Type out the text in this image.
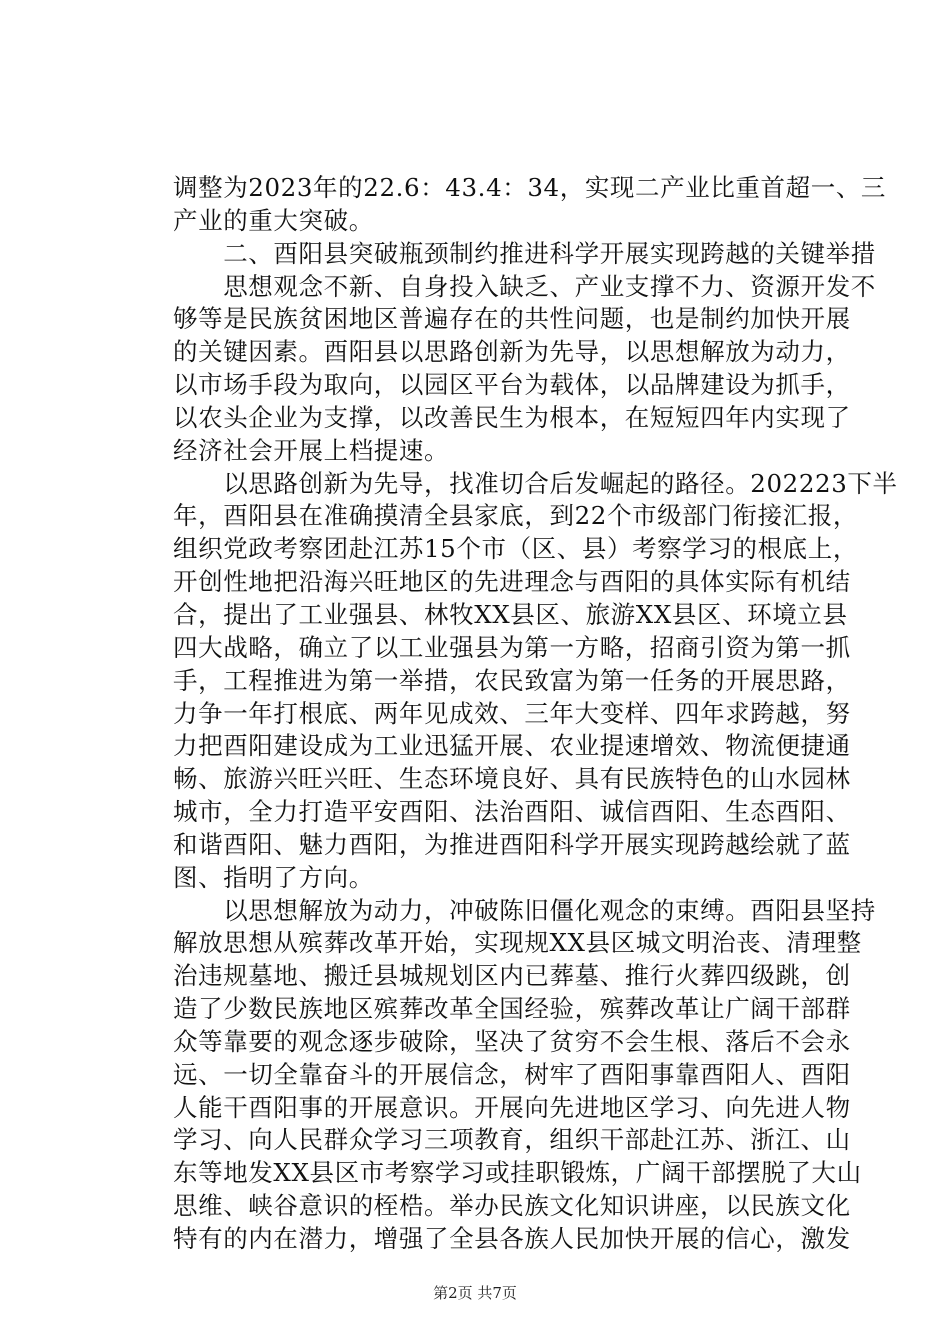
调整为2023年的22.6：43.4：34，实现二产业比重首超一、三
产业的重大突破。
　　二、酉阳县突破瓶颈制约推进科学开展实现跨越的关键举措
　　思想观念不新、自身投入缺乏、产业支撑不力、资源开发不
够等是民族贫困地区普遍存在的共性问题，也是制约加快开展
的关键因素。酉阳县以思路创新为先导，以思想解放为动力，
以市场手段为取向，以园区平台为载体，以品牌建设为抓手，
以农头企业为支撑，以改善民生为根本，在短短四年内实现了
经济社会开展上档提速。
　　以思路创新为先导，找准切合后发崛起的路径。202223下半
年，酉阳县在准确摸清全县家底，到22个市级部门衔接汇报，
组织党政考察团赴江苏15个市（区、县）考察学习的根底上，
开创性地把沿海兴旺地区的先进理念与酉阳的具体实际有机结
合，提出了工业强县、林牧XX县区、旅游XX县区、环境立县
四大战略，确立了以工业强县为第一方略，招商引资为第一抓
手，工程推进为第一举措，农民致富为第一任务的开展思路，
力争一年打根底、两年见成效、三年大变样、四年求跨越，努
力把酉阳建设成为工业迅猛开展、农业提速增效、物流便捷通
畅、旅游兴旺兴旺、生态环境良好、具有民族特色的山水园林
城市，全力打造平安酉阳、法治酉阳、诚信酉阳、生态酉阳、
和谐酉阳、魅力酉阳，为推进酉阳科学开展实现跨越绘就了蓝
图、指明了方向。
　　以思想解放为动力，冲破陈旧僵化观念的束缚。酉阳县坚持
解放思想从殡葬改革开始，实现规XX县区城文明治丧、清理整
治违规墓地、搬迁县城规划区内已葬墓、推行火葬四级跳，创
造了少数民族地区殡葬改革全国经验，殡葬改革让广阔干部群
众等靠要的观念逐步破除，坚决了贫穷不会生根、落后不会永
远、一切全靠奋斗的开展信念，树牢了酉阳事靠酉阳人、酉阳
人能干酉阳事的开展意识。开展向先进地区学习、向先进人物
学习、向人民群众学习三项教育，组织干部赴江苏、浙江、山
东等地发XX县区市考察学习或挂职锻炼，广阔干部摆脱了大山
思维、峡谷意识的桎梏。举办民族文化知识讲座，以民族文化
特有的内在潜力，增强了全县各族人民加快开展的信心，激发
第2页 共7页
